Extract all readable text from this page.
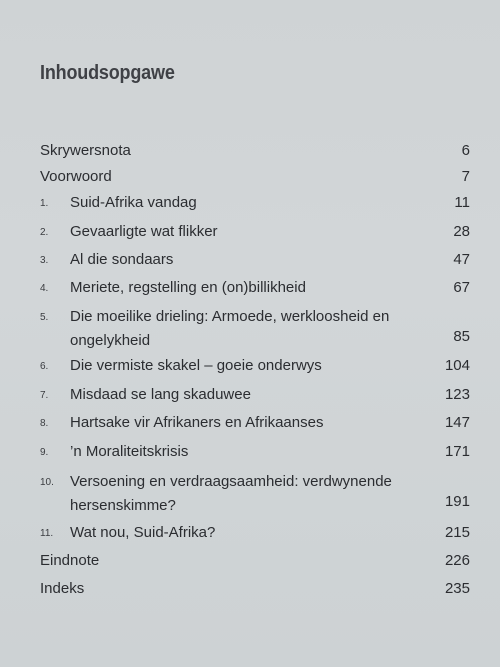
Inhoudsopgawe
Skrywersnota	6
Voorwoord	7
1. Suid-Afrika vandag	11
2. Gevaarligte wat flikker	28
3. Al die sondaars	47
4. Meriete, regstelling en (on)billikheid	67
5. Die moeilike drieling: Armoede, werkloosheid en ongelykheid	85
6. Die vermiste skakel – goeie onderwys	104
7. Misdaad se lang skaduwee	123
8. Hartsake vir Afrikaners en Afrikaanses	147
9. ’n Moraliteitskrisis	171
10. Versoening en verdraagsaamheid: verdwynende hersenskimme?	191
11. Wat nou, Suid-Afrika?	215
Eindnote	226
Indeks	235
